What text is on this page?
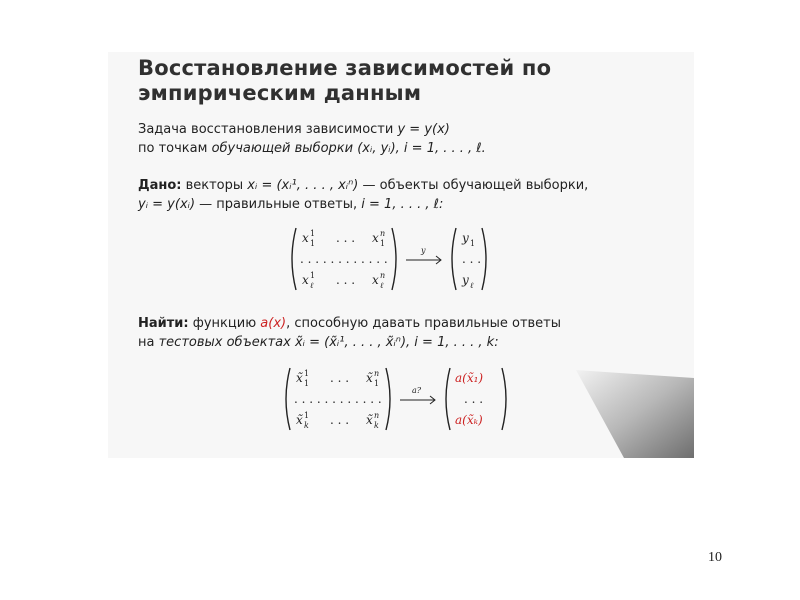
Восстановление зависимостей по
эмпирическим данным
Задача восстановления зависимости y = y(x)
по точкам обучающей выборки (xᵢ, yᵢ), i = 1, . . . , ℓ.
Дано: векторы xᵢ = (xᵢ¹, . . . , xᵢⁿ) — объекты обучающей выборки,
yᵢ = y(xᵢ) — правильные ответы, i = 1, . . . , ℓ:
x 1
1 . . . x n
1
. . . . . . . . . . . .
x 1
ℓ . . . x n
ℓ
y
y 1
. . .
y ℓ
Найти: функцию a(x), способную давать правильные ответы
на тестовых объектах x̃ᵢ = (x̃ᵢ¹, . . . , x̃ᵢⁿ), i = 1, . . . , k:
x̃ 1
1 . . . x̃ n
1
. . . . . . . . . . . .
x̃ 1
k . . . x̃ n
k
a?
a(x̃₁)
. . .
a(x̃ₖ)
10
